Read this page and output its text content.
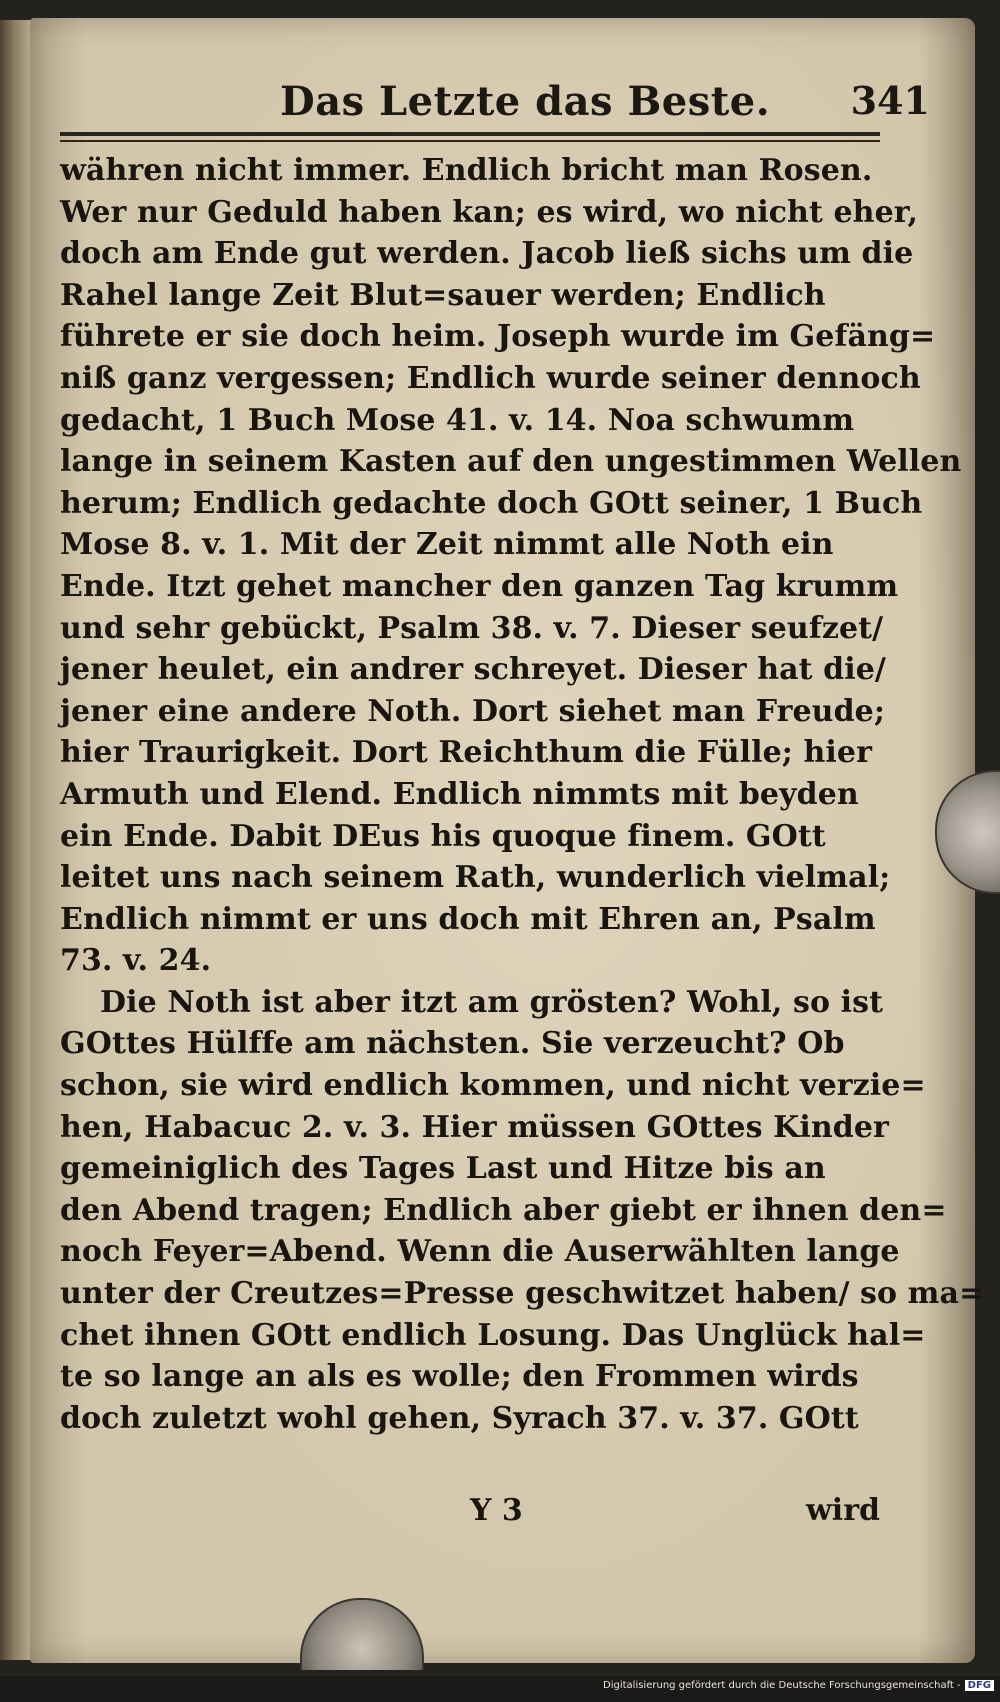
Das Letzte das Beste. 341
währen nicht immer. Endlich bricht man Rosen.
Wer nur Geduld haben kan; es wird, wo nicht eher,
doch am Ende gut werden. Jacob ließ sichs um die
Rahel lange Zeit Blut=sauer werden; Endlich
führete er sie doch heim. Joseph wurde im Gefäng=
niß ganz vergessen; Endlich wurde seiner dennoch
gedacht, 1 Buch Mose 41. v. 14. Noa schwumm
lange in seinem Kasten auf den ungestimmen Wellen
herum; Endlich gedachte doch GOtt seiner, 1 Buch
Mose 8. v. 1. Mit der Zeit nimmt alle Noth ein
Ende. Itzt gehet mancher den ganzen Tag krumm
und sehr gebückt, Psalm 38. v. 7. Dieser seufzet/
jener heulet, ein andrer schreyet. Dieser hat die/
jener eine andere Noth. Dort siehet man Freude;
hier Traurigkeit. Dort Reichthum die Fülle; hier
Armuth und Elend. Endlich nimmts mit beyden
ein Ende. Dabit DEus his quoque finem. GOtt
leitet uns nach seinem Rath, wunderlich vielmal;
Endlich nimmt er uns doch mit Ehren an, Psalm
73. v. 24.
Die Noth ist aber itzt am grösten? Wohl, so ist
GOttes Hülffe am nächsten. Sie verzeucht? Ob
schon, sie wird endlich kommen, und nicht verzie=
hen, Habacuc 2. v. 3. Hier müssen GOttes Kinder
gemeiniglich des Tages Last und Hitze bis an
den Abend tragen; Endlich aber giebt er ihnen den=
noch Feyer=Abend. Wenn die Auserwählten lange
unter der Creutzes=Presse geschwitzet haben/ so ma=
chet ihnen GOtt endlich Losung. Das Unglück hal=
te so lange an als es wolle; den Frommen wirds
doch zuletzt wohl gehen, Syrach 37. v. 37. GOtt
Y 3	wird
Digitalisierung gefördert durch die Deutsche Forschungsgemeinschaft - DFG
